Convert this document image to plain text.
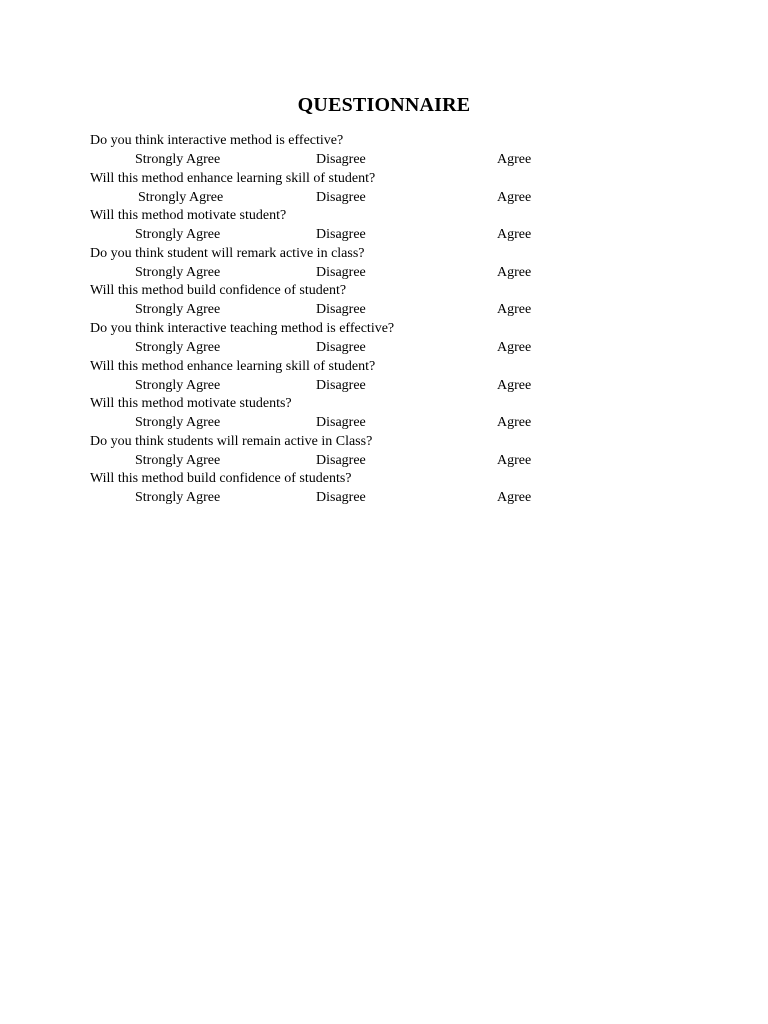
QUESTIONNAIRE
Do you think interactive method is effective?
Strongly Agree	Disagree	Agree
Will this method enhance learning skill of student?
Strongly Agree	Disagree	Agree
Will this method motivate student?
Strongly Agree	Disagree	Agree
Do you think student will remark active in class?
Strongly Agree	Disagree	Agree
Will this method build confidence of student?
Strongly Agree	Disagree	Agree
Do you think interactive teaching method is effective?
Strongly Agree	Disagree	Agree
Will this method enhance learning skill of student?
Strongly Agree	Disagree	Agree
Will this method motivate students?
Strongly Agree	Disagree	Agree
Do you think students will remain active in Class?
Strongly Agree	Disagree	Agree
Will this method build confidence of students?
Strongly Agree	Disagree	Agree
